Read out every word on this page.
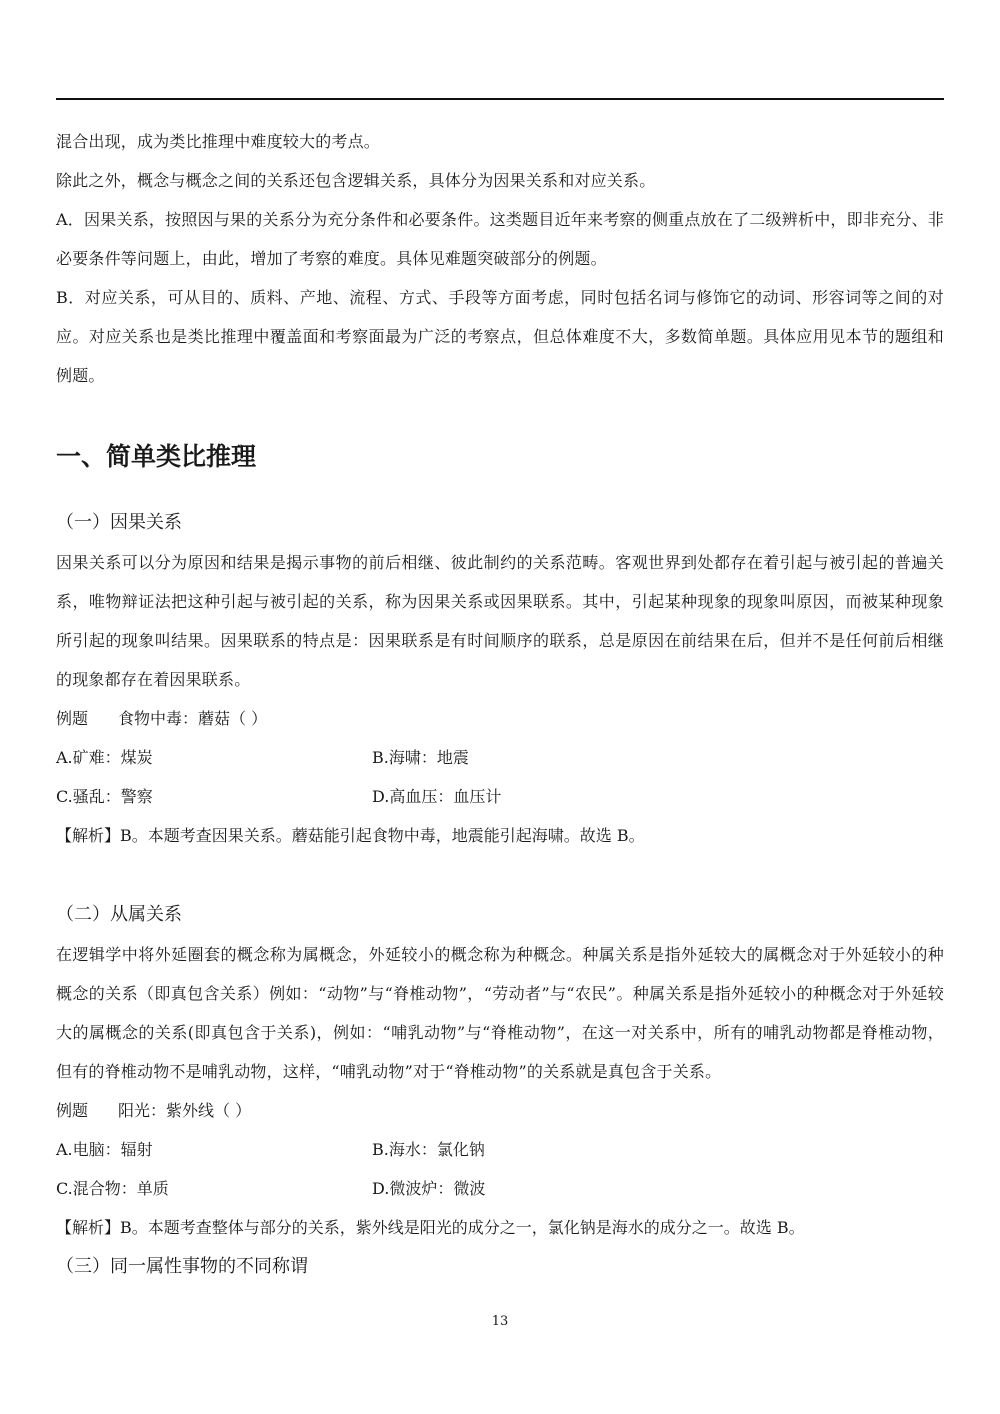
混合出现，成为类比推理中难度较大的考点。

除此之外，概念与概念之间的关系还包含逻辑关系，具体分为因果关系和对应关系。

A．因果关系，按照因与果的关系分为充分条件和必要条件。这类题目近年来考察的侧重点放在了二级辨析中，即非充分、非必要条件等问题上，由此，增加了考察的难度。具体见难题突破部分的例题。

B．对应关系，可从目的、质料、产地、流程、方式、手段等方面考虑，同时包括名词与修饰它的动词、形容词等之间的对应。对应关系也是类比推理中覆盖面和考察面最为广泛的考察点，但总体难度不大，多数简单题。具体应用见本节的题组和例题。

一、简单类比推理
（一）因果关系

因果关系可以分为原因和结果是揭示事物的前后相继、彼此制约的关系范畴。客观世界到处都存在着引起与被引起的普遍关系，唯物辩证法把这种引起与被引起的关系，称为因果关系或因果联系。其中，引起某种现象的现象叫原因，而被某种现象所引起的现象叫结果。因果联系的特点是：因果联系是有时间顺序的联系，总是原因在前结果在后，但并不是任何前后相继的现象都存在着因果联系。

例题 食物中毒：蘑菇（ ）

A.矿难：煤炭	B.海啸：地震
C.骚乱：警察	D.高血压：血压计

【解析】B。本题考查因果关系。蘑菇能引起食物中毒，地震能引起海啸。故选 B。

（二）从属关系

在逻辑学中将外延圈套的概念称为属概念，外延较小的概念称为种概念。种属关系是指外延较大的属概念对于外延较小的种概念的关系（即真包含关系）例如：“动物”与“脊椎动物”，“劳动者”与“农民”。种属关系是指外延较小的种概念对于外延较大的属概念的关系(即真包含于关系)，例如：“哺乳动物”与“脊椎动物”，在这一对关系中，所有的哺乳动物都是脊椎动物，但有的脊椎动物不是哺乳动物，这样，“哺乳动物”对于“脊椎动物”的关系就是真包含于关系。

例题 阳光：紫外线（ ）

A.电脑：辐射	B.海水：氯化钠
C.混合物：单质	D.微波炉：微波

【解析】B。本题考查整体与部分的关系，紫外线是阳光的成分之一，氯化钠是海水的成分之一。故选 B。

（三）同一属性事物的不同称谓
13
